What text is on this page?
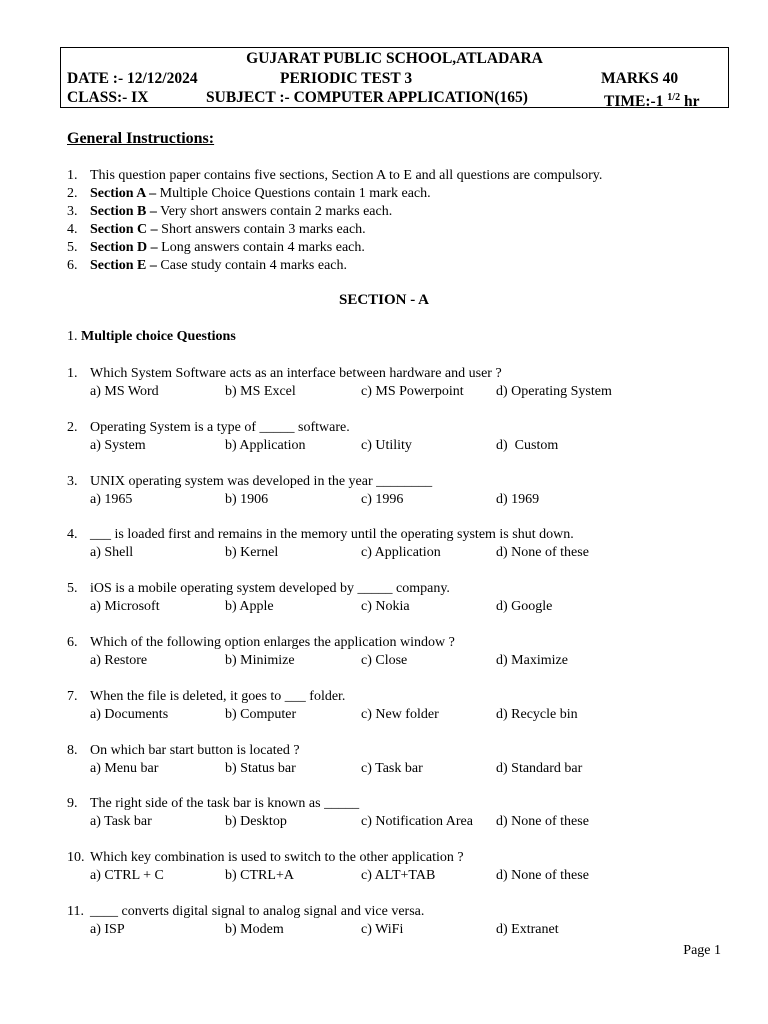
GUJARAT PUBLIC SCHOOL,ATLADARA
DATE :- 12/12/2024	PERIODIC TEST 3	MARKS 40
CLASS:- IX	SUBJECT :- COMPUTER APPLICATION(165)	TIME:-1 $^{1/2}$ hr
General Instructions:
1. This question paper contains five sections, Section A to E and all questions are compulsory.
2. Section A – Multiple Choice Questions contain 1 mark each.
3. Section B – Very short answers contain 2 marks each.
4. Section C – Short answers contain 3 marks each.
5. Section D – Long answers contain 4 marks each.
6. Section E – Case study contain 4 marks each.
SECTION - A
1. Multiple choice Questions
1. Which System Software acts as an interface between hardware and user ?
a) MS Word	b) MS Excel	c) MS Powerpoint d) Operating System
2. Operating System is a type of _____ software.
a) System	b) Application	c) Utility	d)  Custom
3. UNIX operating system was developed in the year ________
a) 1965	b) 1906	c) 1996	d) 1969
4. ___ is loaded first and remains in the memory until the operating system is shut down.
a) Shell	b) Kernel	c) Application	d) None of these
5. iOS is a mobile operating system developed by _____ company.
a) Microsoft	b) Apple	c) Nokia	d) Google
6. Which of the following option enlarges the application window ?
a) Restore	b) Minimize	c) Close	d) Maximize
7. When the file is deleted, it goes to ___ folder.
a) Documents	b) Computer	c) New folder	d) Recycle bin
8. On which bar start button is located ?
a) Menu bar	b) Status bar	c) Task bar	d) Standard bar
9. The right side of the task bar is known as _____
a) Task bar	b) Desktop	c) Notification Area d) None of these
10. Which key combination is used to switch to the other application ?
a) CTRL + C	b) CTRL+A	c) ALT+TAB	d) None of these
11. ____ converts digital signal to analog signal and vice versa.
a) ISP	b) Modem	c) WiFi	d) Extranet
Page 1
